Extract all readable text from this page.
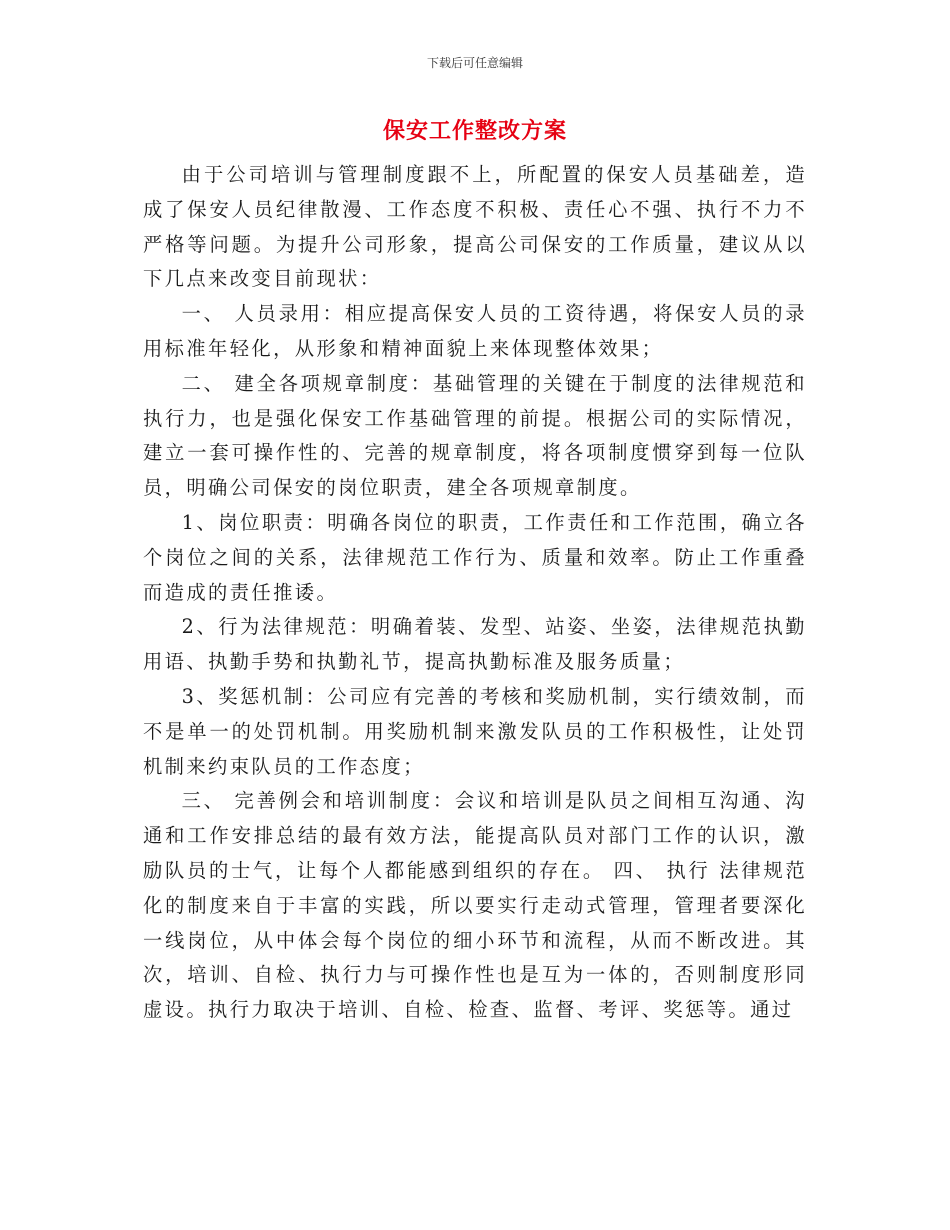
下载后可任意编辑
保安工作整改方案

由于公司培训与管理制度跟不上，所配置的保安人员基础差，造成了保安人员纪律散漫、工作态度不积极、责任心不强、执行不力不严格等问题。为提升公司形象，提高公司保安的工作质量，建议从以下几点来改变目前现状：

一、 人员录用：相应提高保安人员的工资待遇，将保安人员的录用标准年轻化，从形象和精神面貌上来体现整体效果；

二、 建全各项规章制度：基础管理的关键在于制度的法律规范和执行力，也是强化保安工作基础管理的前提。根据公司的实际情况，建立一套可操作性的、完善的规章制度，将各项制度惯穿到每一位队员，明确公司保安的岗位职责，建全各项规章制度。

1、岗位职责：明确各岗位的职责，工作责任和工作范围，确立各个岗位之间的关系，法律规范工作行为、质量和效率。防止工作重叠而造成的责任推诿。

2、行为法律规范：明确着装、发型、站姿、坐姿，法律规范执勤用语、执勤手势和执勤礼节，提高执勤标准及服务质量；

3、奖惩机制：公司应有完善的考核和奖励机制，实行绩效制，而不是单一的处罚机制。用奖励机制来激发队员的工作积极性，让处罚机制来约束队员的工作态度；

三、 完善例会和培训制度：会议和培训是队员之间相互沟通、沟通和工作安排总结的最有效方法，能提高队员对部门工作的认识，激励队员的士气，让每个人都能感到组织的存在。 四、 执行 法律规范化的制度来自于丰富的实践，所以要实行走动式管理，管理者要深化一线岗位，从中体会每个岗位的细小环节和流程，从而不断改进。其次，培训、自检、执行力与可操作性也是互为一体的，否则制度形同虚设。执行力取决于培训、自检、检查、监督、考评、奖惩等。通过
